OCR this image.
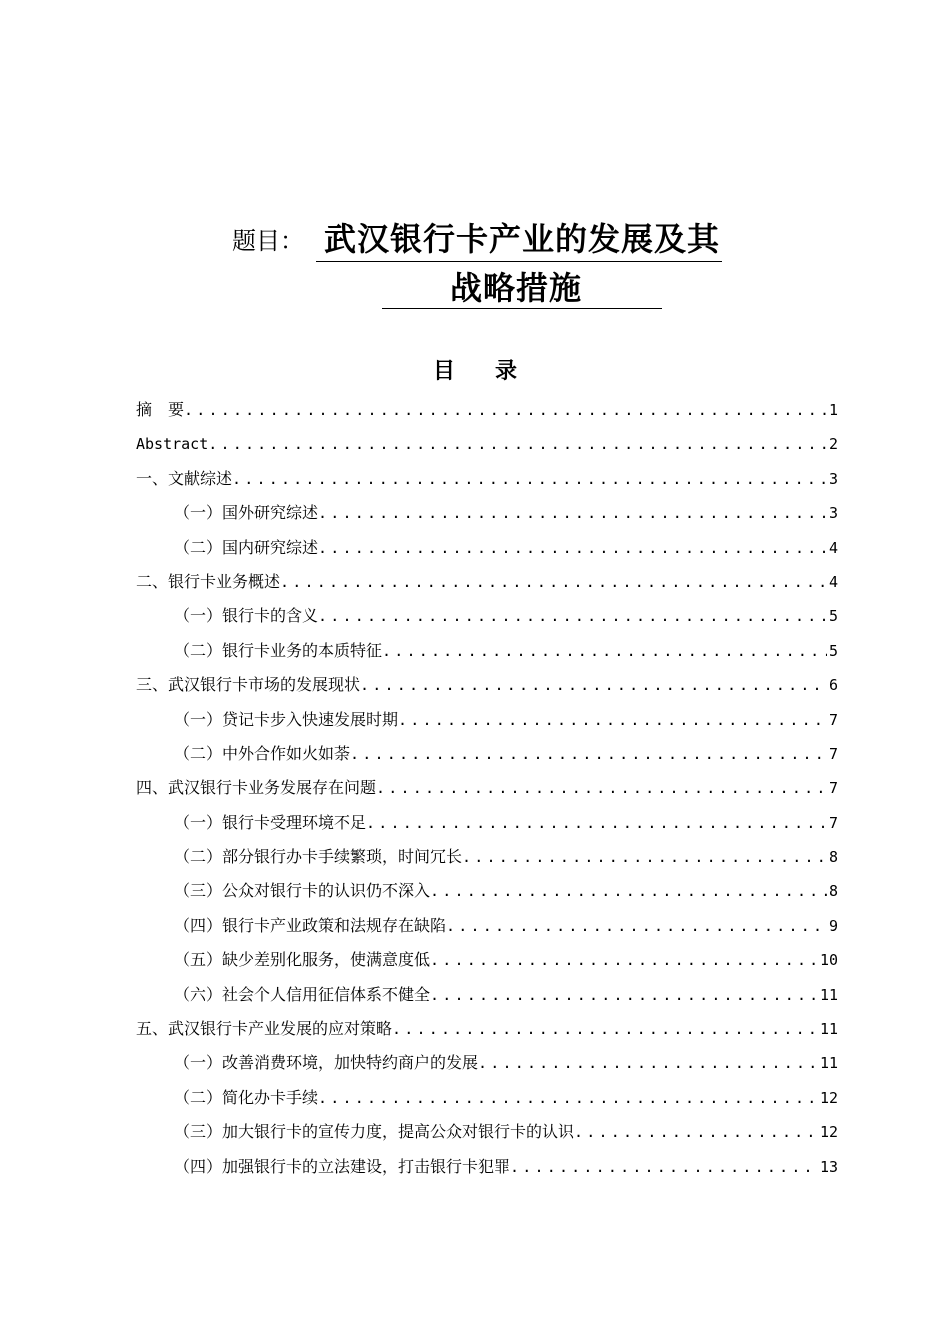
题目： 武汉银行卡产业的发展及其
战略措施
目 录
摘　要 .....	1
Abstract .....	2
一、文献综述 .....	3
（一）国外研究综述 .....	3
（二）国内研究综述 .....	4
二、银行卡业务概述 .....	4
（一）银行卡的含义 .....	5
（二）银行卡业务的本质特征 .....	5
三、武汉银行卡市场的发展现状 .....	6
（一）贷记卡步入快速发展时期 .....	7
（二）中外合作如火如荼 .....	7
四、武汉银行卡业务发展存在问题 .....	7
（一）银行卡受理环境不足 .....	7
（二）部分银行办卡手续繁琐，时间冗长 .....	8
（三）公众对银行卡的认识仍不深入 .....	8
（四）银行卡产业政策和法规存在缺陷 .....	9
（五）缺少差别化服务，使满意度低 .....	10
（六）社会个人信用征信体系不健全 .....	11
五、武汉银行卡产业发展的应对策略 .....	11
（一）改善消费环境，加快特约商户的发展 .....	11
（二）简化办卡手续 .....	12
（三）加大银行卡的宣传力度，提高公众对银行卡的认识 .....	12
（四）加强银行卡的立法建设，打击银行卡犯罪 .....	13
